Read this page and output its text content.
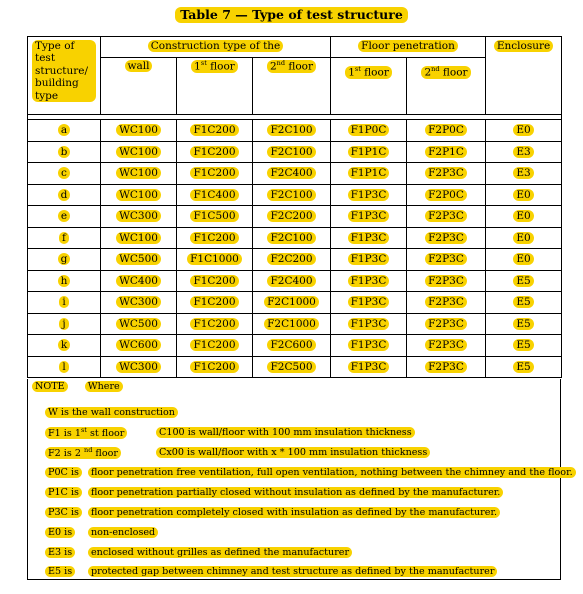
Table 7 — Type of test structure
Type of test structure/ building type	Construction type of the			Floor penetration		Enclosure
	wall	1st floor	2nd floor	1st floor	2nd floor	

a	WC100	F1C200	F2C100	F1P0C	F2P0C	E0
b	WC100	F1C200	F2C100	F1P1C	F2P1C	E3
c	WC100	F1C200	F2C400	F1P1C	F2P3C	E3
d	WC100	F1C400	F2C100	F1P3C	F2P0C	E0
e	WC300	F1C500	F2C200	F1P3C	F2P3C	E0
f	WC100	F1C200	F2C100	F1P3C	F2P3C	E0
g	WC500	F1C1000	F2C200	F1P3C	F2P3C	E0
h	WC400	F1C200	F2C400	F1P3C	F2P3C	E5
i	WC300	F1C200	F2C1000	F1P3C	F2P3C	E5
j	WC500	F1C200	F2C1000	F1P3C	F2P3C	E5
k	WC600	F1C200	F2C600	F1P3C	F2P3C	E5
l	WC300	F1C200	F2C500	F1P3C	F2P3C	E5
NOTE Where
W is the wall construction
F1 is 1st st floor	C100 is wall/floor with 100 mm insulation thickness
F2 is 2 $^{nd}$ floor	Cx00 is wall/floor with x * 100 mm insulation thickness
P0C is	floor penetration free ventilation, full open ventilation, nothing between the chimney and the floor.
P1C is	floor penetration partially closed without insulation as defined by the manufacturer.
P3C is	floor penetration completely closed with insulation as defined by the manufacturer.
E0 is	non-enclosed
E3 is	enclosed without grilles as defined the manufacturer
E5 is	protected gap between chimney and test structure as defined by the manufacturer
